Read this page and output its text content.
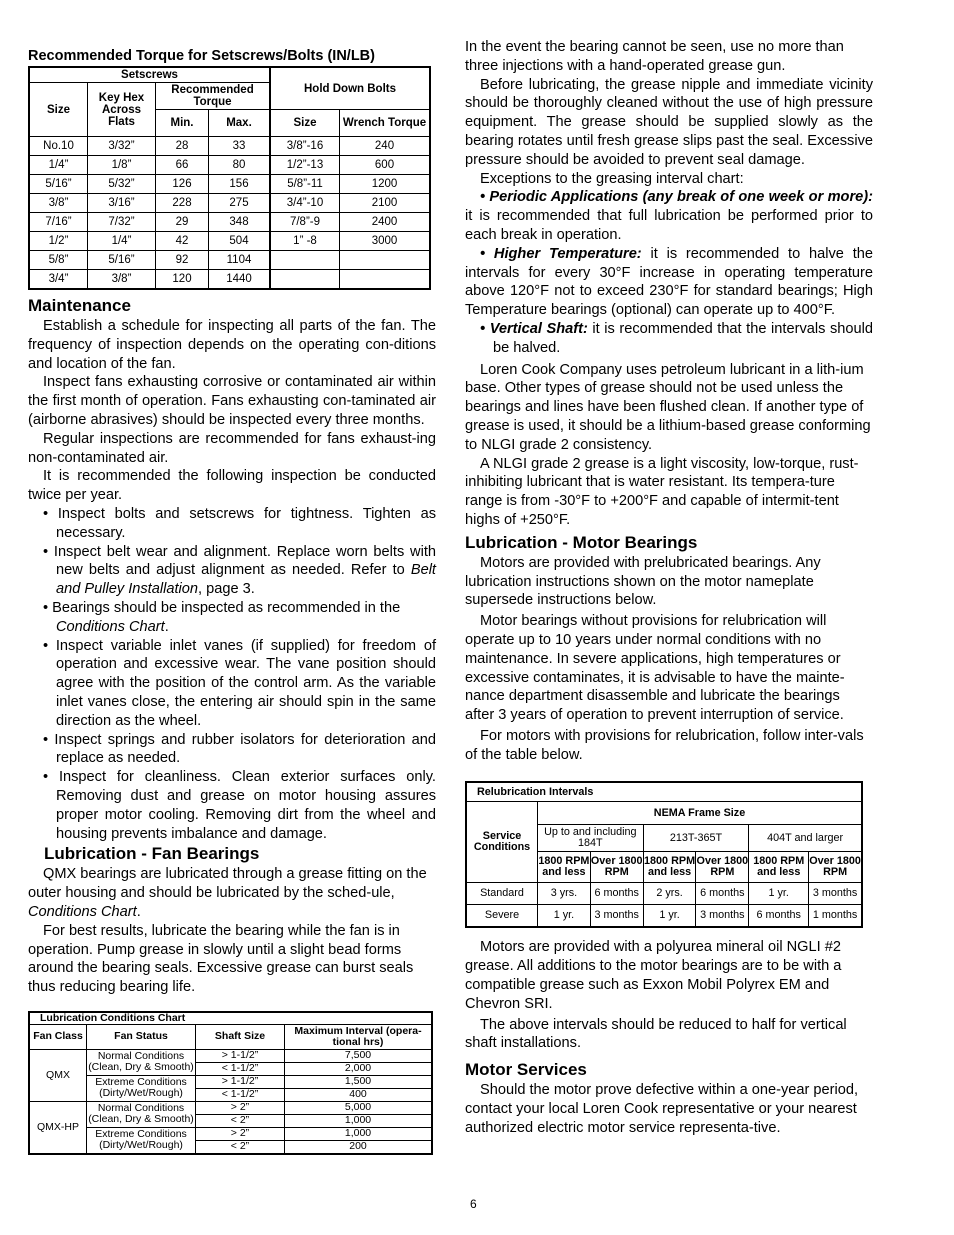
Recommended Torque for Setscrews/Bolts (IN/LB)
Setscrews				Hold Down Bolts	
Size	Key Hex Across Flats	Recommended Torque			
		Min.	Max.	Size	Wrench Torque
No.10	3/32”	28	33	3/8”-16	240
1/4”	1/8”	66	80	1/2”-13	600
5/16”	5/32”	126	156	5/8”-11	1200
3/8”	3/16”	228	275	3/4”-10	2100
7/16”	7/32”	29	348	7/8”-9	2400
1/2”	1/4”	42	504	1” -8	3000
5/8”	5/16”	92	1104		
3/4”	3/8”	120	1440		
Maintenance

Establish a schedule for inspecting all parts of the fan. The frequency of inspection depends on the operating con-ditions and location of the fan.

Inspect fans exhausting corrosive or contaminated air within the first month of operation. Fans exhausting con-taminated air (airborne abrasives) should be inspected every three months.

Regular inspections are recommended for fans exhaust-ing non-contaminated air.

It is recommended the following inspection be conducted twice per year.

• Inspect bolts and setscrews for tightness. Tighten as necessary.

• Inspect belt wear and alignment. Replace worn belts with new belts and adjust alignment as needed. Refer to Belt and Pulley Installation, page 3.

• Bearings should be inspected as recommended in the Conditions Chart.

• Inspect variable inlet vanes (if supplied) for freedom of operation and excessive wear. The vane position should agree with the position of the control arm. As the variable inlet vanes close, the entering air should spin in the same direction as the wheel.

• Inspect springs and rubber isolators for deterioration and replace as needed.

• Inspect for cleanliness. Clean exterior surfaces only. Removing dust and grease on motor housing assures proper motor cooling. Removing dirt from the wheel and housing prevents imbalance and damage.

Lubrication - Fan Bearings

QMX bearings are lubricated through a grease fitting on the outer housing and should be lubricated by the sched-ule, Conditions Chart.

For best results, lubricate the bearing while the fan is in operation. Pump grease in slowly until a slight bead forms around the bearing seals. Excessive grease can burst seals thus reducing bearing life.

Lubrication Conditions Chart			
Fan Class	Fan Status	Shaft Size	Maximum Interval (opera-tional hrs)
QMX	Normal Conditions (Clean, Dry & Smooth)	> 1-1/2”	7,500
		< 1-1/2”	2,000
	Extreme Conditions (Dirty/Wet/Rough)	> 1-1/2”	1,500
		< 1-1/2”	400
QMX-HP	Normal Conditions (Clean, Dry & Smooth)	> 2”	5,000
		< 2”	1,000
	Extreme Conditions (Dirty/Wet/Rough)	> 2”	1,000
		< 2”	200

In the event the bearing cannot be seen, use no more than three injections with a hand-operated grease gun.

Before lubricating, the grease nipple and immediate vicinity should be thoroughly cleaned without the use of high pressure equipment. The grease should be supplied slowly as the bearing rotates until fresh grease slips past the seal. Excessive pressure should be avoided to prevent seal damage.

Exceptions to the greasing interval chart:

• Periodic Applications (any break of one week or more): it is recommended that full lubrication be performed prior to each break in operation.

• Higher Temperature: it is recommended to halve the intervals for every 30°F increase in operating temperature above 120°F not to exceed 230°F for standard bearings; High Temperature bearings (optional) can operate up to 400°F.

• Vertical Shaft: it is recommended that the intervals should be halved.

Loren Cook Company uses petroleum lubricant in a lith-ium base. Other types of grease should not be used unless the bearings and lines have been flushed clean. If another type of grease is used, it should be a lithium-based grease conforming to NLGI grade 2 consistency.

A NLGI grade 2 grease is a light viscosity, low-torque, rust-inhibiting lubricant that is water resistant. Its tempera-ture range is from -30°F to +200°F and capable of intermit-tent highs of +250°F.

Lubrication - Motor Bearings

Motors are provided with prelubricated bearings. Any lubrication instructions shown on the motor nameplate supersede instructions below.

Motor bearings without provisions for relubrication will operate up to 10 years under normal conditions with no maintenance. In severe applications, high temperatures or excessive contaminates, it is advisable to have the mainte-nance department disassemble and lubricate the bearings after 3 years of operation to prevent interruption of service.

For motors with provisions for relubrication, follow inter-vals of the table below.

Relubrication Intervals						
Service Conditions	NEMA Frame Size					
	Up to and including 184T		213T-365T		404T and larger	
	1800 RPM and less	Over 1800 RPM	1800 RPM and less	Over 1800 RPM	1800 RPM and less	Over 1800 RPM
Standard	3 yrs.	6 months	2 yrs.	6 months	1 yr.	3 months
Severe	1 yr.	3 months	1 yr.	3 months	6 months	1 months

Motors are provided with a polyurea mineral oil NGLI #2 grease. All additions to the motor bearings are to be with a compatible grease such as Exxon Mobil Polyrex EM and Chevron SRI.

The above intervals should be reduced to half for vertical shaft installations.

Motor Services

Should the motor prove defective within a one-year period, contact your local Loren Cook representative or your nearest authorized electric motor service representa-tive.

6
